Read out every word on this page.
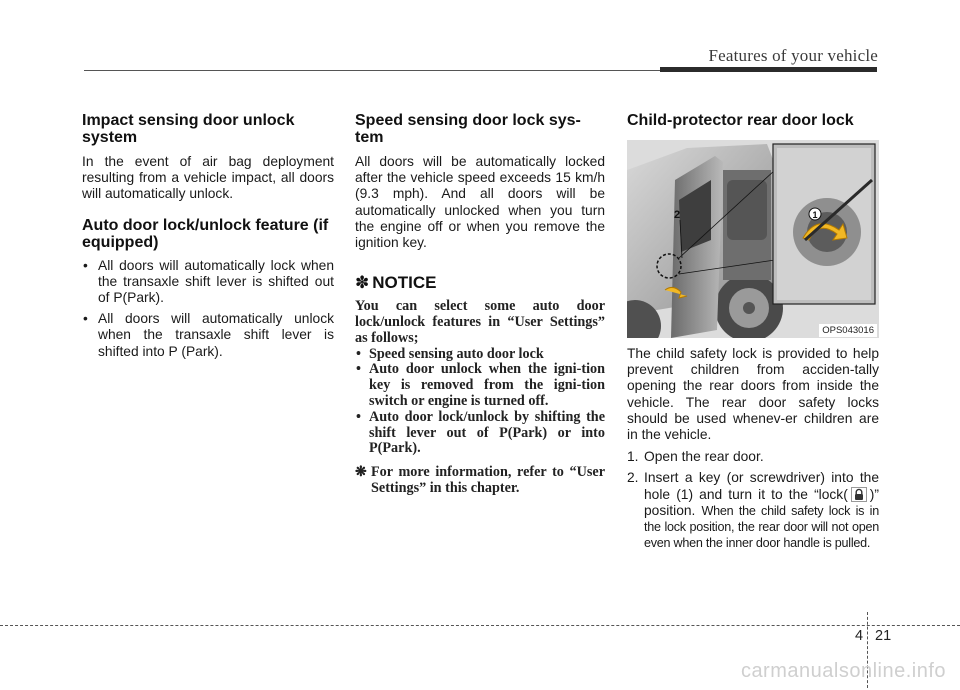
Features of your vehicle
Impact sensing door unlock system

In the event of air bag deployment resulting from a vehicle impact, all doors will automatically unlock.

Auto door lock/unlock feature (if equipped)
• All doors will automatically lock when the transaxle shift lever is shifted out of P(Park).
• All doors will automatically unlock when the transaxle shift lever is shifted into P (Park).
Speed sensing door lock sys-tem

All doors will be automatically locked after the vehicle speed exceeds 15 km/h (9.3 mph). And all doors will be automatically unlocked when you turn the engine off or when you remove the ignition key.

✽ NOTICE
You can select some auto door lock/unlock features in “User Settings” as follows;
• Speed sensing auto door lock
• Auto door unlock when the igni-tion key is removed from the igni-tion switch or engine is turned off.
• Auto door lock/unlock by shifting the shift lever out of P(Park) or into P(Park).
❋ For more information, refer to “User Settings” in this chapter.
Child-protector rear door lock
2	1
OPS043016

The child safety lock is provided to help prevent children from acciden-tally opening the rear doors from inside the vehicle. The rear door safety locks should be used whenev-er children are in the vehicle.

1. Open the rear door.
2. Insert a key (or screwdriver) into the hole (1) and turn it to the “lock( )” position. When the child safety lock is in the lock position, the rear door will not open even when the inner door handle is pulled.
4 21
carmanualsonline.info
